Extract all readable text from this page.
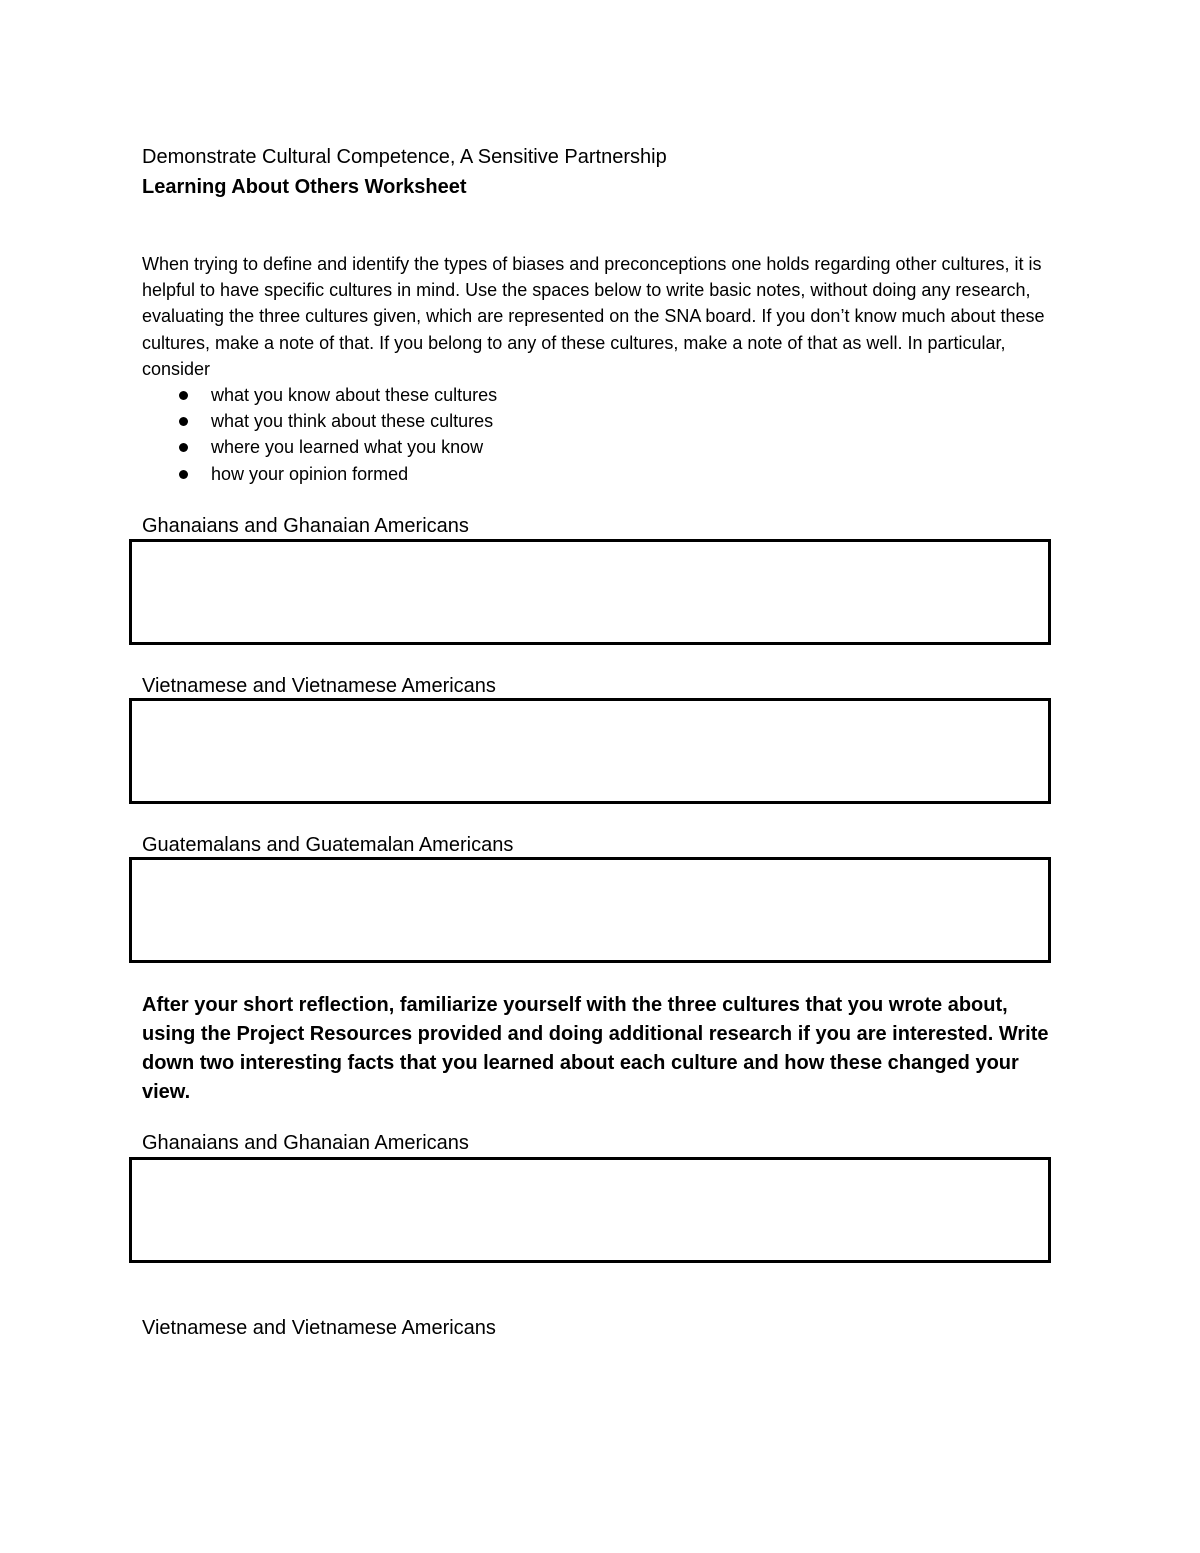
Demonstrate Cultural Competence, A Sensitive Partnership
Learning About Others Worksheet

When trying to define and identify the types of biases and preconceptions one holds regarding other cultures, it is helpful to have specific cultures in mind. Use the spaces below to write basic notes, without doing any research, evaluating the three cultures given, which are represented on the SNA board. If you don’t know much about these cultures, make a note of that. If you belong to any of these cultures, make a note of that as well. In particular, consider

what you know about these cultures
what you think about these cultures
where you learned what you know
how your opinion formed
Ghanaians and Ghanaian Americans
Vietnamese and Vietnamese Americans
Guatemalans and Guatemalan Americans

After your short reflection, familiarize yourself with the three cultures that you wrote about, using the Project Resources provided and doing additional research if you are interested. Write down two interesting facts that you learned about each culture and how these changed your view.

Ghanaians and Ghanaian Americans
Vietnamese and Vietnamese Americans
